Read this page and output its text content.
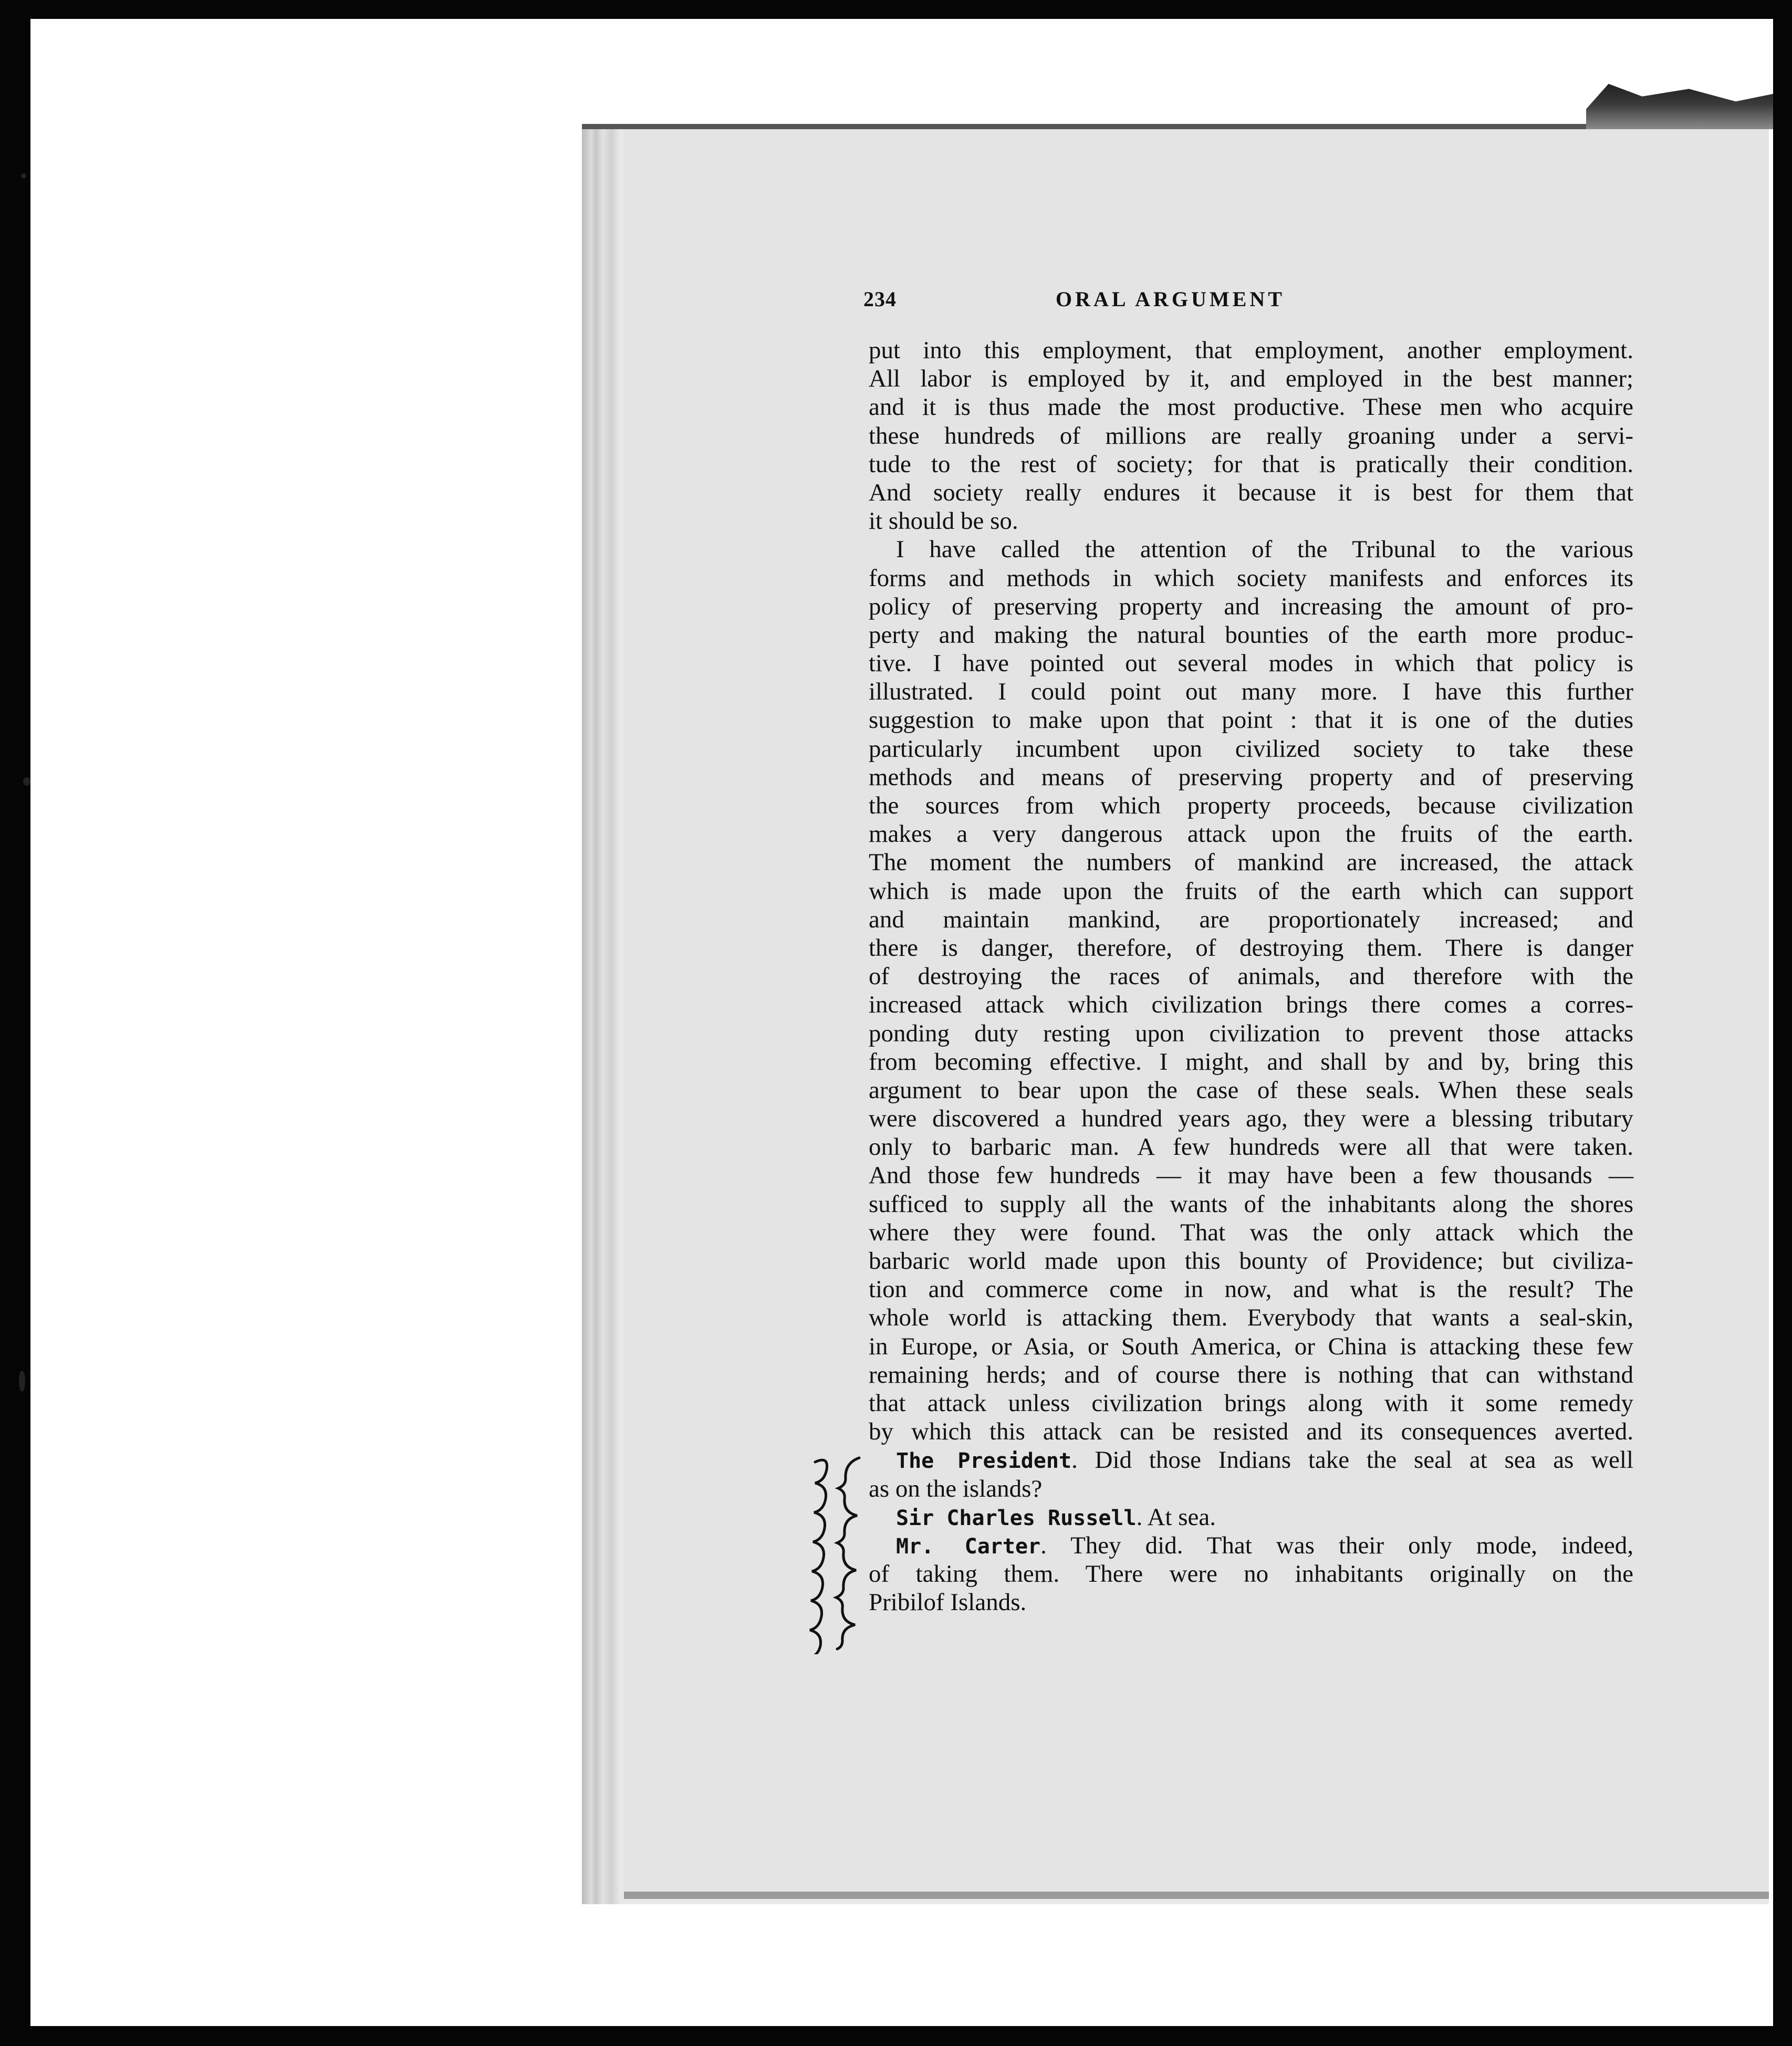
234	ORAL ARGUMENT
put into this employment, that employment, another employment.
All labor is employed by it, and employed in the best manner;
and it is thus made the most productive. These men who acquire
these hundreds of millions are really groaning under a servi-
tude to the rest of society; for that is pratically their condition.
And society really endures it because it is best for them that
it should be so.
I have called the attention of the Tribunal to the various
forms and methods in which society manifests and enforces its
policy of preserving property and increasing the amount of pro-
perty and making the natural bounties of the earth more produc-
tive. I have pointed out several modes in which that policy is
illustrated. I could point out many more. I have this further
suggestion to make upon that point : that it is one of the duties
particularly incumbent upon civilized society to take these
methods and means of preserving property and of preserving
the sources from which property proceeds, because civilization
makes a very dangerous attack upon the fruits of the earth.
The moment the numbers of mankind are increased, the attack
which is made upon the fruits of the earth which can support
and maintain mankind, are proportionately increased; and
there is danger, therefore, of destroying them. There is danger
of destroying the races of animals, and therefore with the
increased attack which civilization brings there comes a corres-
ponding duty resting upon civilization to prevent those attacks
from becoming effective. I might, and shall by and by, bring this
argument to bear upon the case of these seals. When these seals
were discovered a hundred years ago, they were a blessing tributary
only to barbaric man. A few hundreds were all that were taken.
And those few hundreds — it may have been a few thousands —
sufficed to supply all the wants of the inhabitants along the shores
where they were found. That was the only attack which the
barbaric world made upon this bounty of Providence; but civiliza-
tion and commerce come in now, and what is the result? The
whole world is attacking them. Everybody that wants a seal-skin,
in Europe, or Asia, or South America, or China is attacking these few
remaining herds; and of course there is nothing that can withstand
that attack unless civilization brings along with it some remedy
by which this attack can be resisted and its consequences averted.
The President. Did those Indians take the seal at sea as well
as on the islands?
Sir Charles Russell. At sea.
Mr. Carter. They did. That was their only mode, indeed,
of taking them. There were no inhabitants originally on the
Pribilof Islands.
